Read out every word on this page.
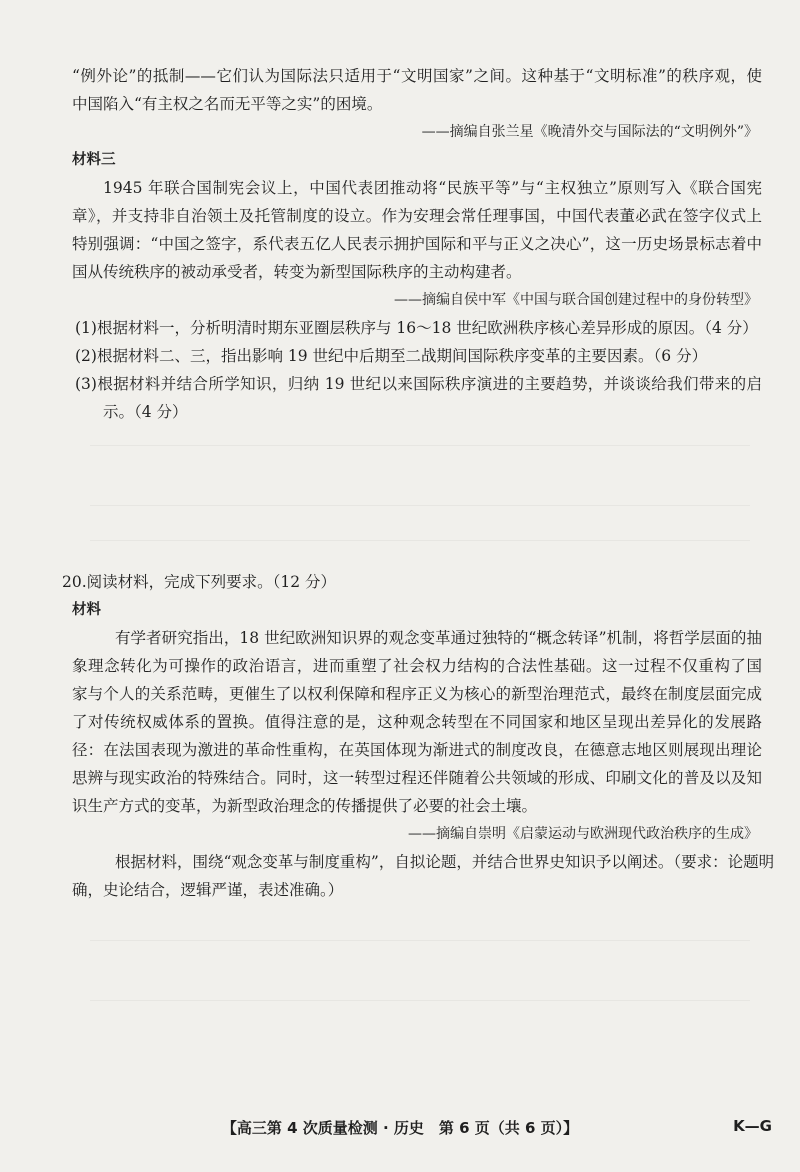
“例外论”的抵制——它们认为国际法只适用于“文明国家”之间。这种基于“文明标准”的秩序观，使
中国陷入“有主权之名而无平等之实”的困境。
——摘编自张兰星《晚清外交与国际法的“文明例外”》
材料三
1945 年联合国制宪会议上，中国代表团推动将“民族平等”与“主权独立”原则写入《联合国宪
章》，并支持非自治领土及托管制度的设立。作为安理会常任理事国，中国代表董必武在签字仪式上
特别强调：“中国之签字，系代表五亿人民表示拥护国际和平与正义之决心”，这一历史场景标志着中
国从传统秩序的被动承受者，转变为新型国际秩序的主动构建者。
——摘编自侯中军《中国与联合国创建过程中的身份转型》
(1)根据材料一，分析明清时期东亚圈层秩序与 16～18 世纪欧洲秩序核心差异形成的原因。（4 分）
(2)根据材料二、三，指出影响 19 世纪中后期至二战期间国际秩序变革的主要因素。（6 分）
(3)根据材料并结合所学知识，归纳 19 世纪以来国际秩序演进的主要趋势，并谈谈给我们带来的启
示。（4 分）
20.阅读材料，完成下列要求。（12 分）
材料
有学者研究指出，18 世纪欧洲知识界的观念变革通过独特的“概念转译”机制，将哲学层面的抽
象理念转化为可操作的政治语言，进而重塑了社会权力结构的合法性基础。这一过程不仅重构了国
家与个人的关系范畴，更催生了以权利保障和程序正义为核心的新型治理范式，最终在制度层面完成
了对传统权威体系的置换。值得注意的是，这种观念转型在不同国家和地区呈现出差异化的发展路
径：在法国表现为激进的革命性重构，在英国体现为渐进式的制度改良，在德意志地区则展现出理论
思辨与现实政治的特殊结合。同时，这一转型过程还伴随着公共领域的形成、印刷文化的普及以及知
识生产方式的变革，为新型政治理念的传播提供了必要的社会土壤。
——摘编自崇明《启蒙运动与欧洲现代政治秩序的生成》
根据材料，围绕“观念变革与制度重构”，自拟论题，并结合世界史知识予以阐述。（要求：论题明
确，史论结合，逻辑严谨，表述准确。）
【高三第 4 次质量检测 · 历史　第 6 页（共 6 页）】	K—G
